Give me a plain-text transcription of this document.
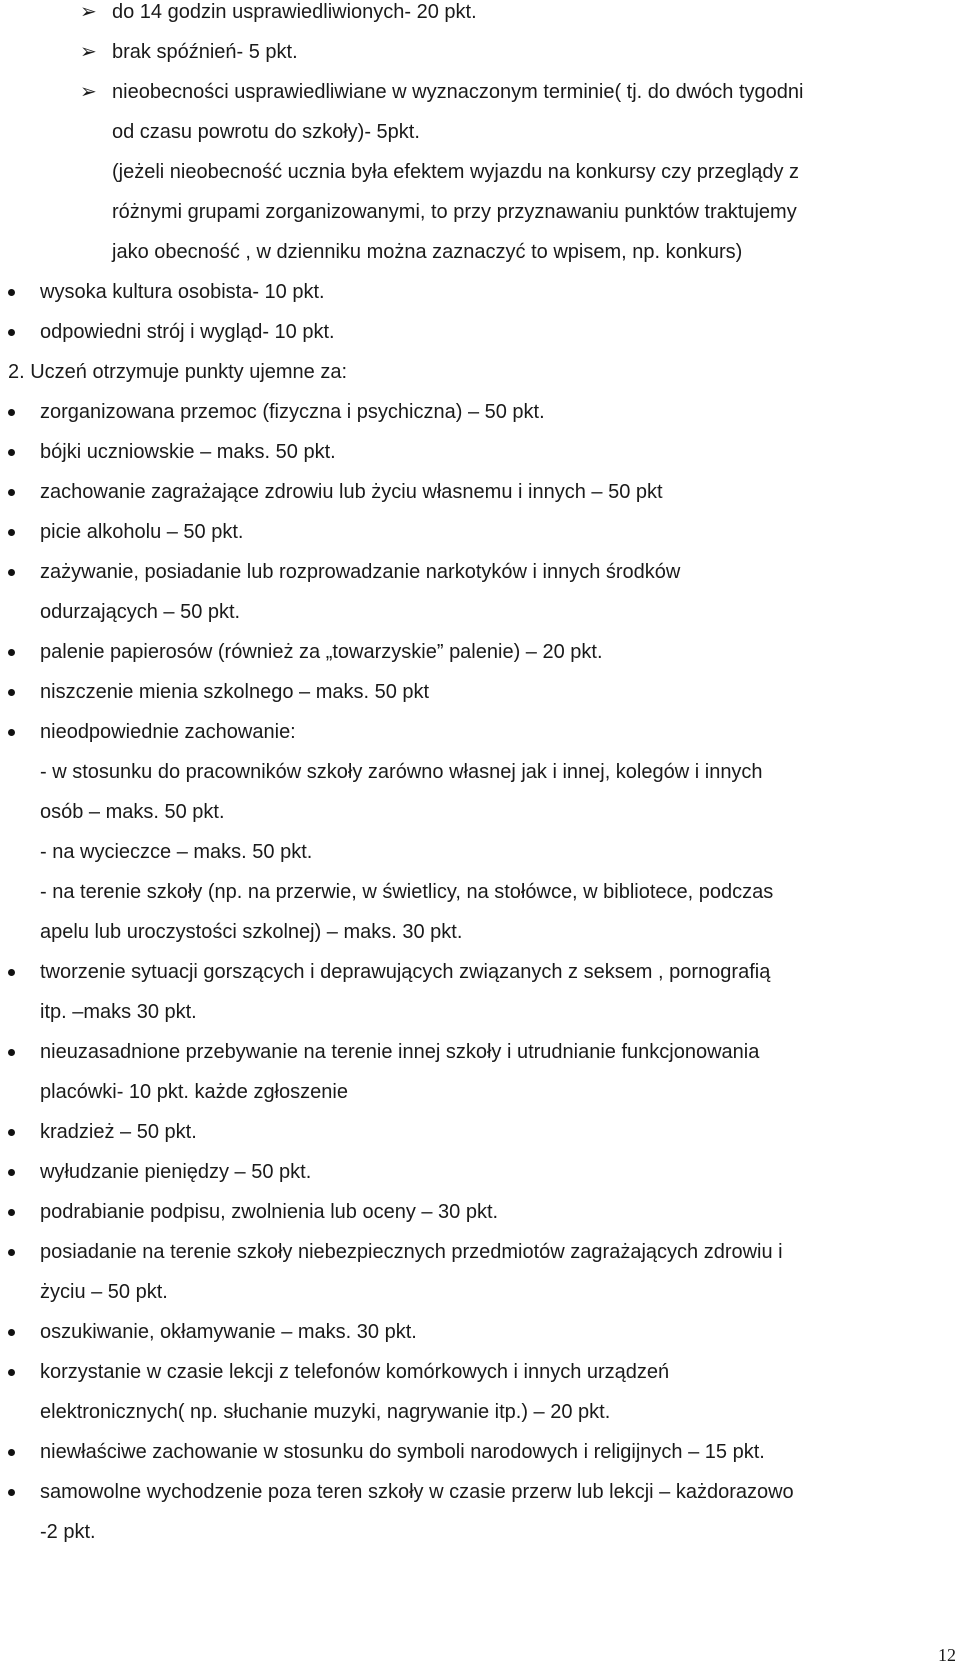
➢ do 14 godzin usprawiedliwionych- 20 pkt.
➢ brak spóźnień- 5 pkt.
➢ nieobecności usprawiedliwiane w wyznaczonym terminie( tj. do dwóch tygodni
od czasu powrotu do szkoły)- 5pkt.
(jeżeli nieobecność ucznia była efektem wyjazdu na konkursy czy przeglądy z
różnymi grupami zorganizowanymi, to przy przyznawaniu punktów traktujemy
jako obecność , w dzienniku można zaznaczyć to wpisem, np. konkurs)
wysoka kultura osobista- 10 pkt.
odpowiedni strój i wygląd- 10 pkt.
2. Uczeń otrzymuje punkty ujemne za:
zorganizowana przemoc (fizyczna i psychiczna) – 50 pkt.
bójki uczniowskie – maks. 50 pkt.
zachowanie zagrażające zdrowiu lub życiu własnemu i innych – 50 pkt
picie alkoholu – 50 pkt.
zażywanie, posiadanie lub rozprowadzanie narkotyków i innych środków
odurzających – 50 pkt.
palenie papierosów (również za „towarzyskie” palenie) – 20 pkt.
niszczenie mienia szkolnego – maks. 50 pkt
nieodpowiednie zachowanie:
- w stosunku do pracowników szkoły zarówno własnej jak i innej, kolegów i innych
osób – maks. 50 pkt.
- na wycieczce – maks. 50 pkt.
- na terenie szkoły (np. na przerwie, w świetlicy, na stołówce, w bibliotece, podczas
apelu lub uroczystości szkolnej) – maks. 30 pkt.
tworzenie sytuacji gorszących i deprawujących związanych z seksem , pornografią
itp. –maks 30 pkt.
nieuzasadnione przebywanie na terenie innej szkoły i utrudnianie funkcjonowania
placówki- 10 pkt. każde zgłoszenie
kradzież – 50 pkt.
wyłudzanie pieniędzy – 50 pkt.
podrabianie podpisu, zwolnienia lub oceny – 30 pkt.
posiadanie na terenie szkoły niebezpiecznych przedmiotów zagrażających zdrowiu i
życiu – 50 pkt.
oszukiwanie, okłamywanie – maks. 30 pkt.
korzystanie w czasie lekcji z telefonów komórkowych i innych urządzeń
elektronicznych( np. słuchanie muzyki, nagrywanie itp.) – 20 pkt.
niewłaściwe zachowanie w stosunku do symboli narodowych i religijnych – 15 pkt.
samowolne wychodzenie poza teren szkoły w czasie przerw lub lekcji – każdorazowo
-2 pkt.
12
